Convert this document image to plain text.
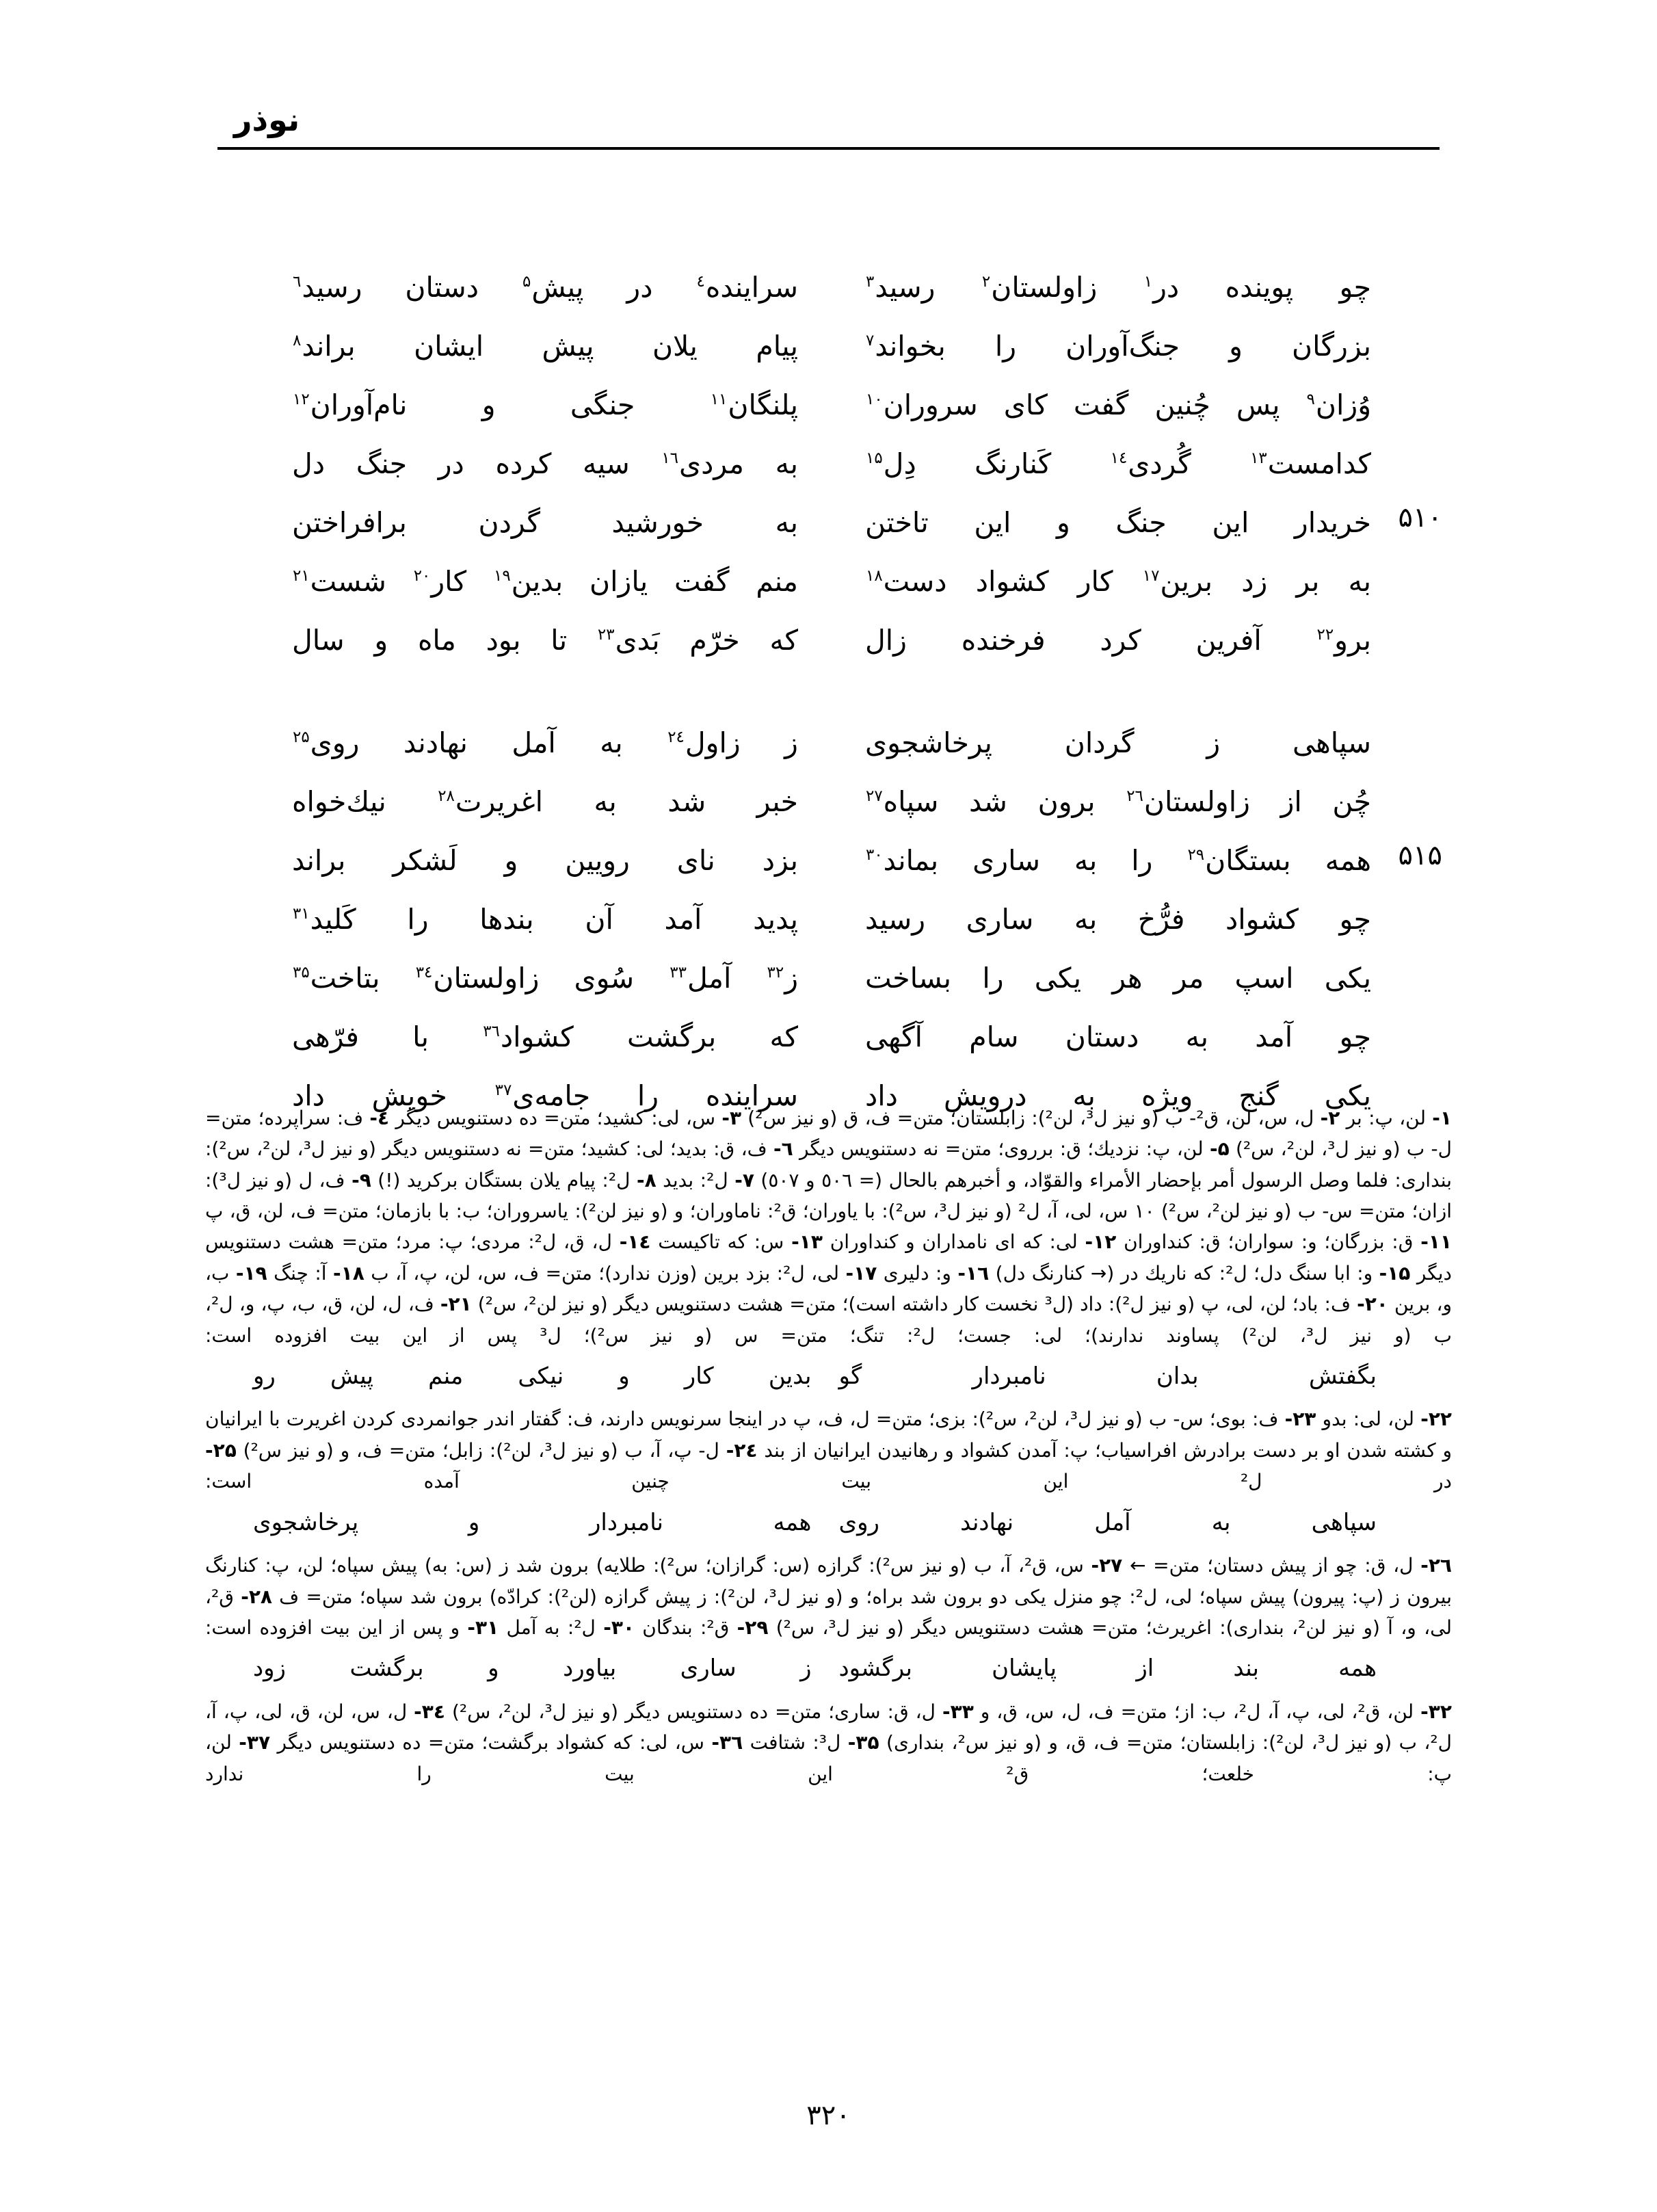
نوذر
چو پوینده در$^۱$ زاولستان$^۲$ رسید$^۳$
سراینده$^٤$ در پیش$^۵$ دستان رسید$^٦$
بزرگان و جنگ‌آوران را بخواند$^۷$
پیام یلان پیش ایشان براند$^۸$
وُزان$^۹$ پس چُنین گفت کای سروران$^{۱۰}$
پلنگان$^{۱۱}$ جنگی و نام‌آوران$^{۱۲}$
کدامست$^{۱۳}$ گُردی$^{۱٤}$ کَنارنگ دِل$^{۱۵}$
به مردی$^{۱٦}$ سیه کرده در جنگ دل
۵۱۰
خریدار این جنگ و این تاختن
به خورشید گردن برافراختن
به بر زد برین$^{۱۷}$ کار کشواد دست$^{۱۸}$
منم گفت یازان بدین$^{۱۹}$ کار$^{۲۰}$ شست$^{۲۱}$
برو$^{۲۲}$ آفرین کرد فرخنده زال
که خرّم بَدی$^{۲۳}$ تا بود ماه و سال
سپاهی ز گردان پرخاشجوی
ز زاول$^{۲٤}$ به آمل نهادند روی$^{۲۵}$
چُن از زاولستان$^{۲٦}$ برون شد سپاه$^{۲۷}$
خبر شد به اغریرت$^{۲۸}$ نیك‌خواه
۵۱۵
همه بستگان$^{۲۹}$ را به ساری بماند$^{۳۰}$
بزد نای رویین و لَشكر براند
چو کشواد فرُّخ به ساری رسید
پدید آمد آن بندها را کَلید$^{۳۱}$
یکی اسپ مر هر یکی را بساخت
ز$^{۳۲}$ آمل$^{۳۳}$ سُوی زاولستان$^{۳٤}$ بتاخت$^{۳۵}$
چو آمد به دستان سام آگهی
که برگشت کشواد$^{۳٦}$ با فرّهی
یکی گنج ویژه به درویش داد
سراینده را جامه‌ی$^{۳۷}$ خویش داد

۱- لن، پ: بر ۲- ل، س، لن، ق²- ب (و نیز ل³، لن²): زابلستان؛ متن= ف، ق (و نیز س²) ۳- س، لی: کشید؛ متن= ده دستنویس دیگر ٤- ف: سراپرده؛ متن= ل- ب (و نیز ل³، لن²، س²) ۵- لن، پ: نزدیك؛ ق: برروی؛ متن= نه دستنویس دیگر ٦- ف، ق: بدید؛ لی: کشید؛ متن= نه دستنویس دیگر (و نیز ل³، لن²، س²): بنداری: فلما وصل الرسول أمر بإحضار الأمراء والقوّاد، و أخبرهم بالحال (= ٥٠٦ و ٥٠٧) ۷- ل²: بدید ۸- ل²: پیام یلان بستگان برکرید (!) ۹- ف، ل (و نیز ل³): ازان؛ متن= س- ب (و نیز لن²، س²) ۱۰ س، لی، آ، ل² (و نیز ل³، س²): با یاوران؛ ق²: ناماوران؛ و (و نیز لن²): یاسروران؛ ب: با بازمان؛ متن= ف، لن، ق، پ ۱۱- ق: بزرگان؛ و: سواران؛ ق: کنداوران ۱۲- لی: که ای نامداران و کنداوران ۱۳- س: که تاکیست ۱٤- ل، ق، ل²: مردی؛ پ: مرد؛ متن= هشت دستنویس دیگر ۱۵- و: ابا سنگ دل؛ ل²: که ناریك در (→ کنارنگ دل) ۱٦- و: دلیری ۱۷- لی، ل²: بزد برین (وزن ندارد)؛ متن= ف، س، لن، پ، آ، ب ۱۸- آ: چنگ ۱۹- ب، و، برین ۲۰- ف: باد؛ لن، لی، پ (و نیز ل²): داد (ل³ نخست كار داشته است)؛ متن= هشت دستنویس دیگر (و نیز لن²، س²) ۲۱- ف، ل، لن، ق، ب، پ، و، ل²، ب (و نیز ل³، لن²) پساوند ندارند)؛ لی: جست؛ ل²: تنگ؛ متن= س (و نیز س²)؛ ل³ پس از این بیت افزوده است:

بگفتش بدان نامبردار گو
بدین کار و نیکی منم پیش رو

۲۲- لن، لی: بدو ۲۳- ف: بوی؛ س- ب (و نیز ل³، لن²، س²): بزی؛ متن= ل، ف، پ در اینجا سرنویس دارند، ف: گفتار اندر جوانمردی کردن اغریرت با ایرانیان و کشته شدن او بر دست برادرش افراسیاب؛ پ: آمدن کشواد و رهانیدن ایرانیان از بند ۲٤- ل- پ، آ، ب (و نیز ل³، لن²): زابل؛ متن= ف، و (و نیز س²) ۲۵- در ل² این بیت چنین آمده است:

سپاهی به آمل نهادند روی
همه نامبردار و پرخاشجوی

۲٦- ل، ق: چو از پیش دستان؛ متن= ← ۲۷- س، ق²، آ، ب (و نیز س²): گرازه (س: گرازان؛ س²): طلایه) برون شد ز (س: به) پیش سپاه؛ لن، پ: کنارنگ بیرون ز (پ: پیرون) پیش سپاه؛ لی، ل²: چو منزل یکی دو برون شد براه؛ و (و نیز ل³، لن²): ز پیش گرازه (لن²): کرادّه) برون شد سپاه؛ متن= ف ۲۸- ق²، لی، و، آ (و نیز لن²، بنداری): اغریرث؛ متن= هشت دستنویس دیگر (و نیز ل³، س²) ۲۹- ق²: بندگان ۳۰- ل²: به آمل ۳۱- و پس از این بیت افزوده است:

همه بند از پایشان برگشود
ز ساری بیاورد و برگشت زود

۳۲- لن، ق²، لی، پ، آ، ل²، ب: از؛ متن= ف، ل، س، ق، و ۳۳- ل، ق: ساری؛ متن= ده دستنویس دیگر (و نیز ل³، لن²، س²) ۳٤- ل، س، لن، ق، لی، پ، آ، ل²، ب (و نیز ل³، لن²): زابلستان؛ متن= ف، ق، و (و نیز س²، بنداری) ۳۵- ل³: شتافت ۳٦- س، لی: که کشواد برگشت؛ متن= ده دستنویس دیگر ۳۷- لن، پ: خلعت؛ ق² این بیت را ندارد

۳۲۰
